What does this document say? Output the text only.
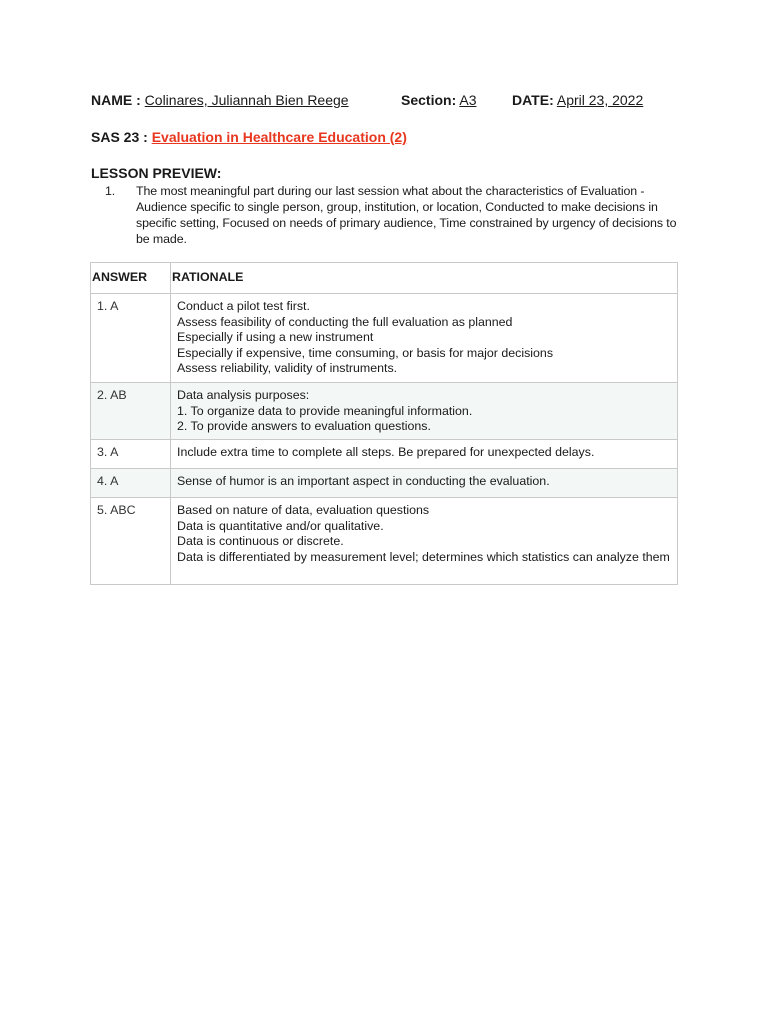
NAME : Colinares, Juliannah Bien Reege	Section: A3	DATE: April 23, 2022
SAS 23 : Evaluation in Healthcare Education (2)
LESSON PREVIEW:
1.	The most meaningful part during our last session what about the characteristics of Evaluation - Audience specific to single person, group, institution, or location, Conducted to make decisions in specific setting, Focused on needs of primary audience, Time constrained by urgency of decisions to be made.
ANSWER	RATIONALE
1. A	Conduct a pilot test first.
Assess feasibility of conducting the full evaluation as planned
Especially if using a new instrument
Especially if expensive, time consuming, or basis for major decisions
Assess reliability, validity of instruments.

2. AB	Data analysis purposes:
1. To organize data to provide meaningful information.
2. To provide answers to evaluation questions.

3. A	Include extra time to complete all steps. Be prepared for unexpected delays.

4. A	Sense of humor is an important aspect in conducting the evaluation.

5. ABC	Based on nature of data, evaluation questions
Data is quantitative and/or qualitative.
Data is continuous or discrete.
Data is differentiated by measurement level; determines which statistics can analyze them
